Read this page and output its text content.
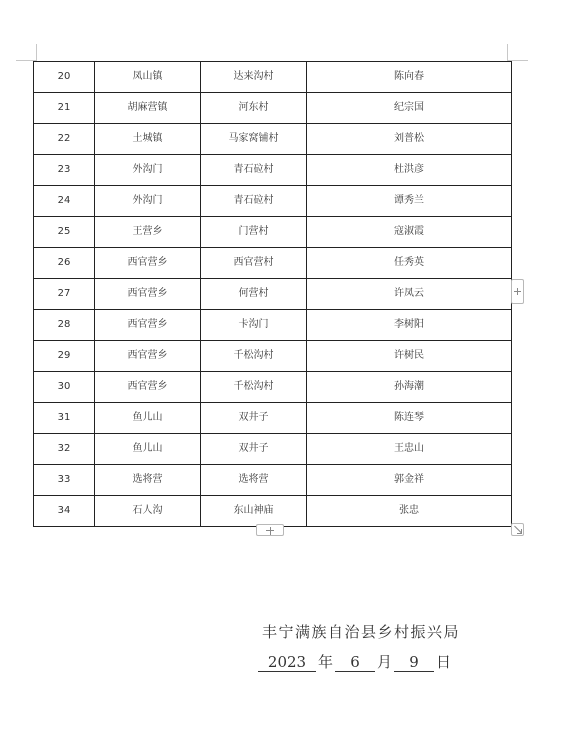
20	凤山镇	达来沟村	陈向春
21	胡麻营镇	河东村	纪宗国
22	土城镇	马家窝铺村	刘普松
23	外沟门	青石砬村	杜洪彦
24	外沟门	青石砬村	谭秀兰
25	王营乡	门营村	寇淑霞
26	西官营乡	西官营村	任秀英
27	西官营乡	何营村	许凤云
28	西官营乡	卡沟门	李树阳
29	西官营乡	千松沟村	许树民
30	西官营乡	千松沟村	孙海潮
31	鱼儿山	双井子	陈连琴
32	鱼儿山	双井子	王忠山
33	选将营	选将营	郭金祥
34	石人沟	东山神庙	张忠
丰宁满族自治县乡村振兴局
2023 年 6 月 9 日
